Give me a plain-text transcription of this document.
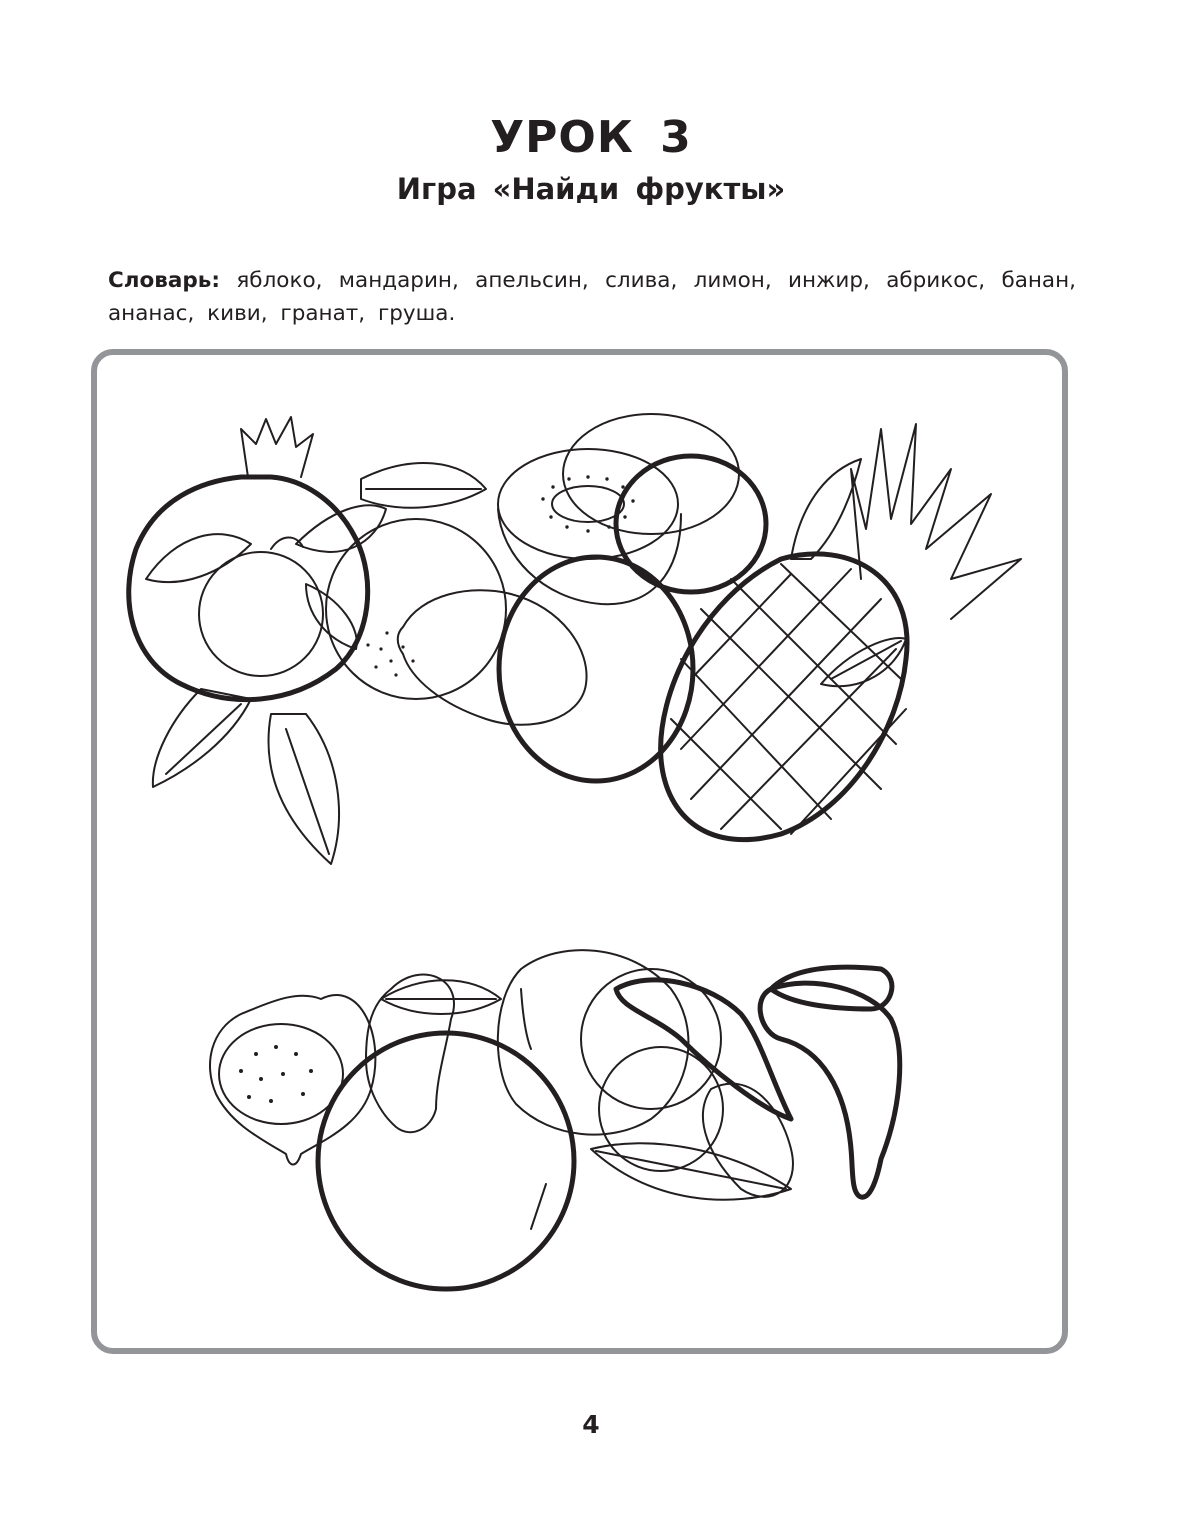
УРОК 3
Игра «Найди фрукты»

Словарь: яблоко, мандарин, апельсин, слива, лимон, инжир, абрикос, банан, ананас, киви, гранат, груша.

4
